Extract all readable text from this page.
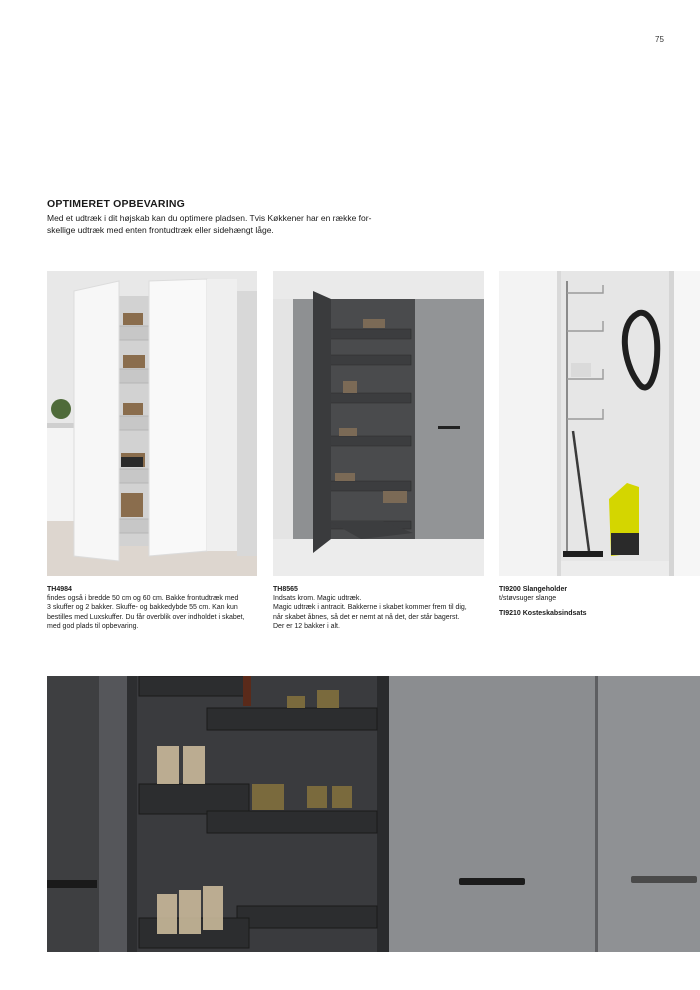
75
OPTIMERET OPBEVARING

Med et udtræk i dit højskab kan du optimere pladsen. Tvis Køkkener har en række for-
skellige udtræk med enten frontudtræk eller sidehængt låge.

TH4984
findes også i bredde 50 cm og 60 cm. Bakke frontudtræk med
3 skuffer og 2 bakker. Skuffe- og bakkedybde 55 cm. Kan kun
bestilles med Luxskuffer. Du får overblik over indholdet i skabet,
med god plads til opbevaring.
TH8565
Indsats krom. Magic udtræk.
Magic udtræk i antracit. Bakkerne i skabet kommer frem til dig,
når skabet åbnes, så det er nemt at nå det, der står bagerst.
Der er 12 bakker i alt.
TI9200 Slangeholder
t/støvsuger slange
TI9210 Kosteskabsindsats
